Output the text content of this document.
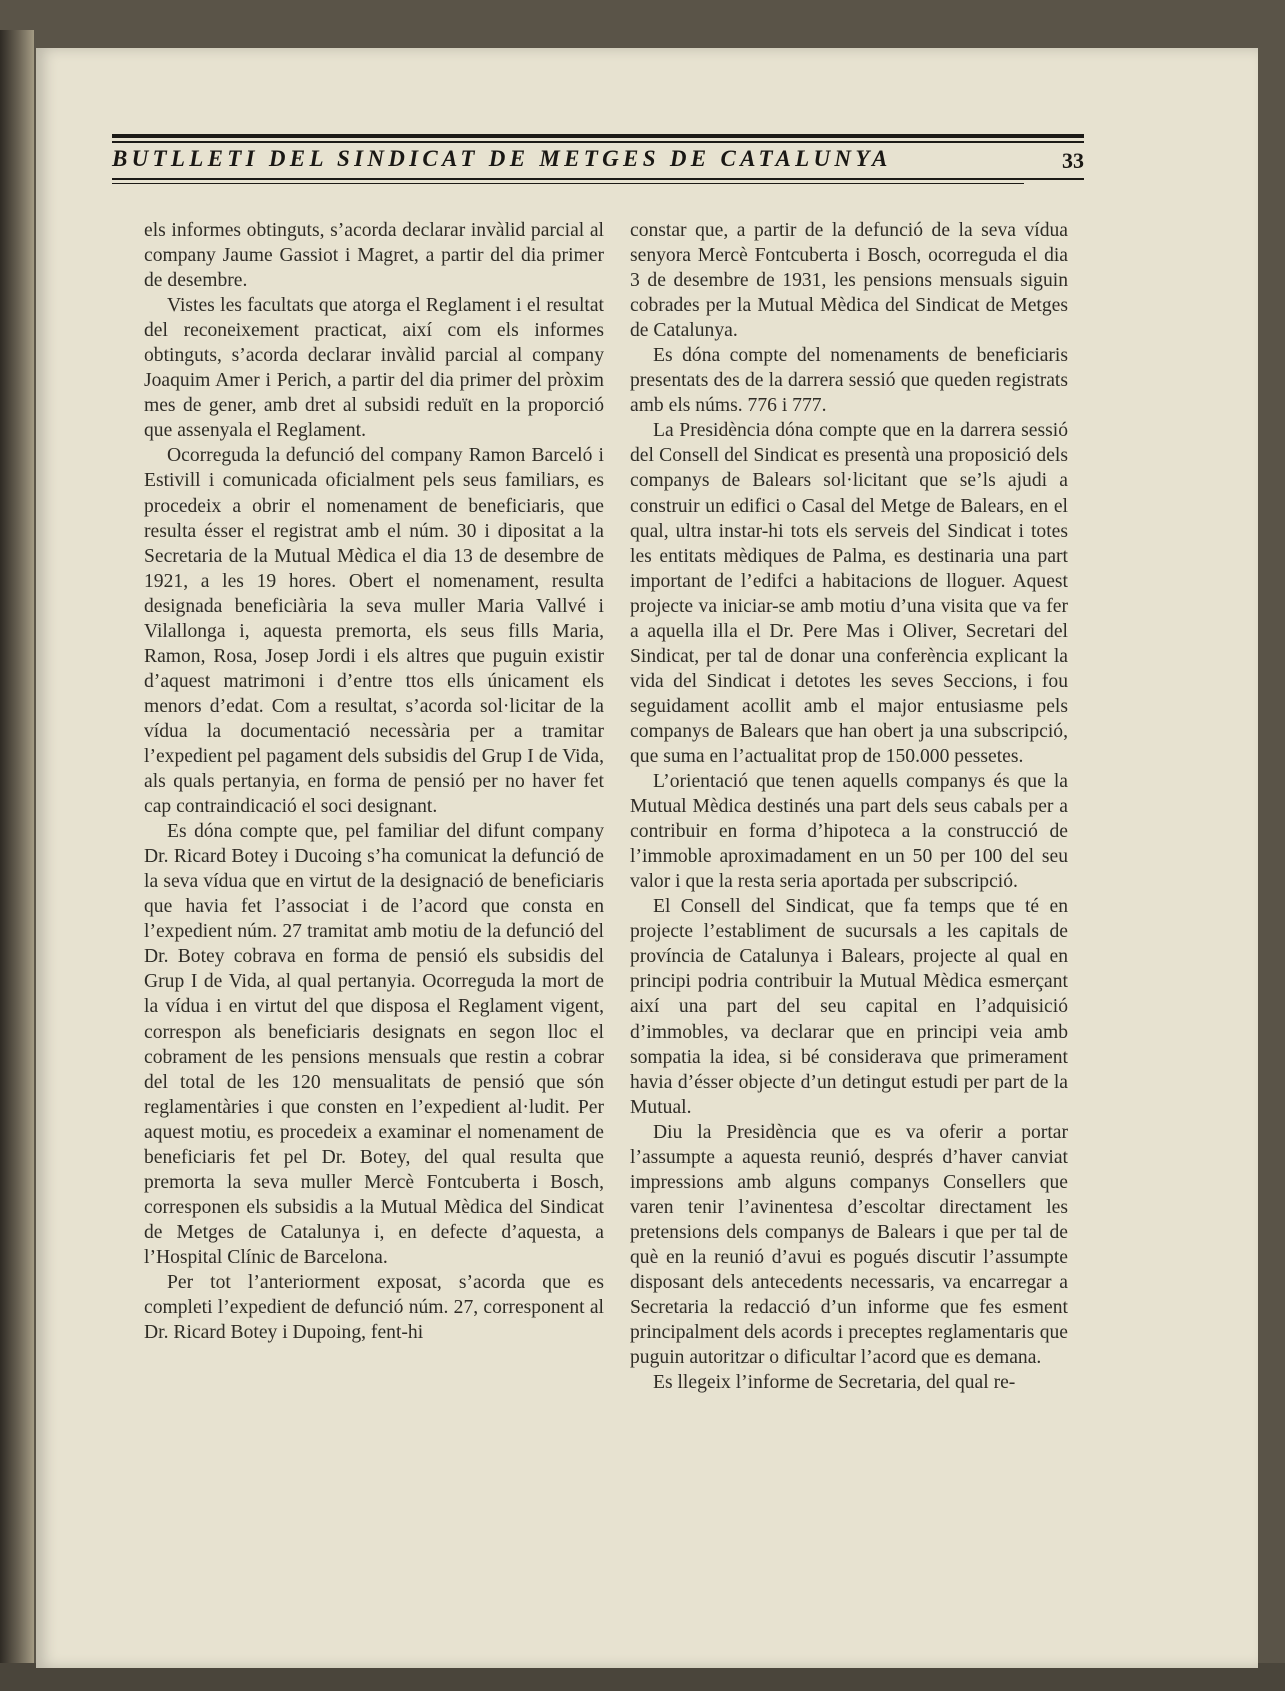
BUTLLETI DEL SINDICAT DE METGES DE CATALUNYA	33

els informes obtinguts, s’acorda declarar invàlid parcial al company Jaume Gassiot i Magret, a partir del dia primer de desembre.

Vistes les facultats que atorga el Reglament i el resultat del reconeixement practicat, així com els informes obtinguts, s’acorda declarar invàlid parcial al company Joaquim Amer i Perich, a partir del dia primer del pròxim mes de gener, amb dret al subsidi reduït en la proporció que assenyala el Reglament.

Ocorreguda la defunció del company Ramon Barceló i Estivill i comunicada oficialment pels seus familiars, es procedeix a obrir el nomenament de beneficiaris, que resulta ésser el registrat amb el núm. 30 i dipositat a la Secretaria de la Mutual Mèdica el dia 13 de desembre de 1921, a les 19 hores. Obert el nomenament, resulta designada beneficiària la seva muller Maria Vallvé i Vilallonga i, aquesta premorta, els seus fills Maria, Ramon, Rosa, Josep Jordi i els altres que puguin existir d’aquest matrimoni i d’entre ttos ells únicament els menors d’edat. Com a resultat, s’acorda sol·licitar de la vídua la documentació necessària per a tramitar l’expedient pel pagament dels subsidis del Grup I de Vida, als quals pertanyia, en forma de pensió per no haver fet cap contraindicació el soci designant.

Es dóna compte que, pel familiar del difunt company Dr. Ricard Botey i Ducoing s’ha comunicat la defunció de la seva vídua que en virtut de la designació de beneficiaris que havia fet l’associat i de l’acord que consta en l’expedient núm. 27 tramitat amb motiu de la defunció del Dr. Botey cobrava en forma de pensió els subsidis del Grup I de Vida, al qual pertanyia. Ocorreguda la mort de la vídua i en virtut del que disposa el Reglament vigent, correspon als beneficiaris designats en segon lloc el cobrament de les pensions mensuals que restin a cobrar del total de les 120 mensualitats de pensió que són reglamentàries i que consten en l’expedient al·ludit. Per aquest motiu, es procedeix a examinar el nomenament de beneficiaris fet pel Dr. Botey, del qual resulta que premorta la seva muller Mercè Fontcuberta i Bosch, corresponen els subsidis a la Mutual Mèdica del Sindicat de Metges de Catalunya i, en defecte d’aquesta, a l’Hospital Clínic de Barcelona.

Per tot l’anteriorment exposat, s’acorda que es completi l’expedient de defunció núm. 27, corresponent al Dr. Ricard Botey i Dupoing, fent-hi

constar que, a partir de la defunció de la seva vídua senyora Mercè Fontcuberta i Bosch, ocorreguda el dia 3 de desembre de 1931, les pensions mensuals siguin cobrades per la Mutual Mèdica del Sindicat de Metges de Catalunya.

Es dóna compte del nomenaments de beneficiaris presentats des de la darrera sessió que queden registrats amb els núms. 776 i 777.

La Presidència dóna compte que en la darrera sessió del Consell del Sindicat es presentà una proposició dels companys de Balears sol·licitant que se’ls ajudi a construir un edifici o Casal del Metge de Balears, en el qual, ultra instar-hi tots els serveis del Sindicat i totes les entitats mèdiques de Palma, es destinaria una part important de l’edifci a habitacions de lloguer. Aquest projecte va iniciar-se amb motiu d’una visita que va fer a aquella illa el Dr. Pere Mas i Oliver, Secretari del Sindicat, per tal de donar una conferència explicant la vida del Sindicat i detotes les seves Seccions, i fou seguidament acollit amb el major entusiasme pels companys de Balears que han obert ja una subscripció, que suma en l’actualitat prop de 150.000 pessetes.

L’orientació que tenen aquells companys és que la Mutual Mèdica destinés una part dels seus cabals per a contribuir en forma d’hipoteca a la construcció de l’immoble aproximadament en un 50 per 100 del seu valor i que la resta seria aportada per subscripció.

El Consell del Sindicat, que fa temps que té en projecte l’establiment de sucursals a les capitals de província de Catalunya i Balears, projecte al qual en principi podria contribuir la Mutual Mèdica esmerçant així una part del seu capital en l’adquisició d’immobles, va declarar que en principi veia amb sompatia la idea, si bé considerava que primerament havia d’ésser objecte d’un detingut estudi per part de la Mutual.

Diu la Presidència que es va oferir a portar l’assumpte a aquesta reunió, després d’haver canviat impressions amb alguns companys Consellers que varen tenir l’avinentesa d’escoltar directament les pretensions dels companys de Balears i que per tal de què en la reunió d’avui es pogués discutir l’assumpte disposant dels antecedents necessaris, va encarregar a Secretaria la redacció d’un informe que fes esment principalment dels acords i preceptes reglamentaris que puguin autoritzar o dificultar l’acord que es demana.

Es llegeix l’informe de Secretaria, del qual re-
